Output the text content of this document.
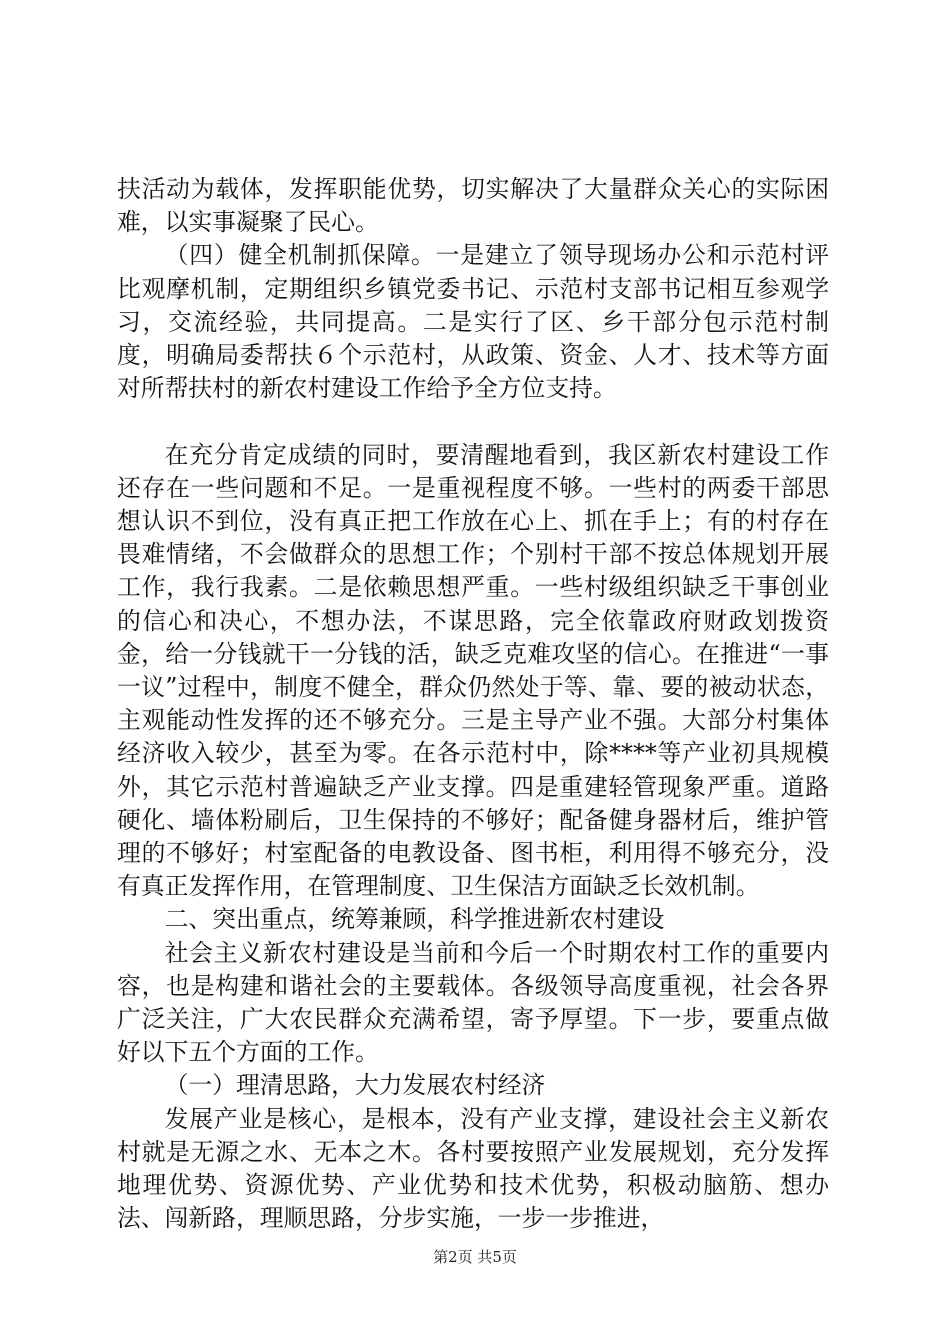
扶活动为载体，发挥职能优势，切实解决了大量群众关心的实际困难，以实事凝聚了民心。

（四）健全机制抓保障。一是建立了领导现场办公和示范村评比观摩机制，定期组织乡镇党委书记、示范村支部书记相互参观学习，交流经验，共同提高。二是实行了区、乡干部分包示范村制度，明确局委帮扶６个示范村，从政策、资金、人才、技术等方面对所帮扶村的新农村建设工作给予全方位支持。

在充分肯定成绩的同时，要清醒地看到，我区新农村建设工作还存在一些问题和不足。一是重视程度不够。一些村的两委干部思想认识不到位，没有真正把工作放在心上、抓在手上；有的村存在畏难情绪，不会做群众的思想工作；个别村干部不按总体规划开展工作，我行我素。二是依赖思想严重。一些村级组织缺乏干事创业的信心和决心，不想办法，不谋思路，完全依靠政府财政划拨资金，给一分钱就干一分钱的活，缺乏克难攻坚的信心。在推进“一事一议”过程中，制度不健全，群众仍然处于等、靠、要的被动状态，主观能动性发挥的还不够充分。三是主导产业不强。大部分村集体经济收入较少，甚至为零。在各示范村中，除****等产业初具规模外，其它示范村普遍缺乏产业支撑。四是重建轻管现象严重。道路硬化、墙体粉刷后，卫生保持的不够好；配备健身器材后，维护管理的不够好；村室配备的电教设备、图书柜，利用得不够充分，没有真正发挥作用，在管理制度、卫生保洁方面缺乏长效机制。

二、突出重点，统筹兼顾，科学推进新农村建设

社会主义新农村建设是当前和今后一个时期农村工作的重要内容，也是构建和谐社会的主要载体。各级领导高度重视，社会各界广泛关注，广大农民群众充满希望，寄予厚望。下一步，要重点做好以下五个方面的工作。

（一）理清思路，大力发展农村经济

发展产业是核心，是根本，没有产业支撑，建设社会主义新农村就是无源之水、无本之木。各村要按照产业发展规划，充分发挥地理优势、资源优势、产业优势和技术优势，积极动脑筋、想办法、闯新路，理顺思路，分步实施，一步一步推进，

第2页 共5页
